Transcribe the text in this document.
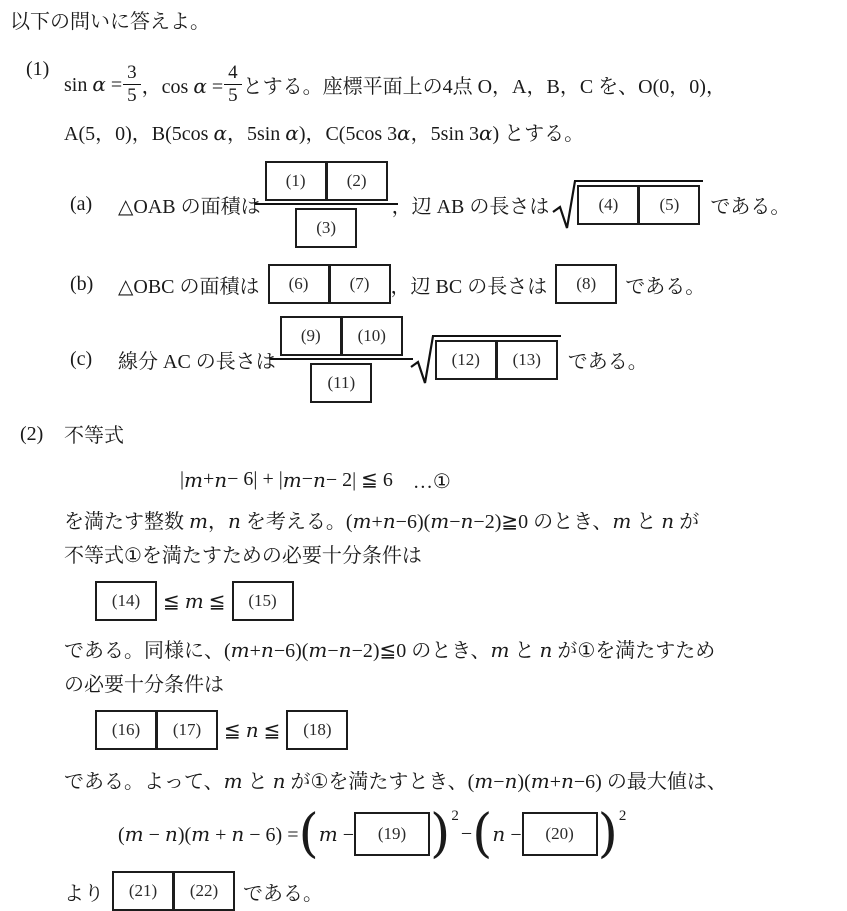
以下の問いに答えよ。
(1)
sin α =
3
5 ，cos α =
4
5 とする。座標平面上の4点 O，A，B，C を、O(0，0)，
A(5，0)，B(5cos α，5sin α)，C(5cos 3α，5sin 3α) とする。
(a)	△OAB の面積は (1)	(2)
(3) ，辺 AB の長さは	(4)	(5)	である。
(b)	△OBC の面積は	(6)	(7)	，辺 BC の長さは	(8)	である。
(c)	線分 AC の長さは (9)	(10)
(11)	(12)	(13)	である。
(2)	不等式
| m + n − 6| + | m − n − 2| ≦ 6 　…①
を満たす整数 m，n を考える。(m+n−6)(m−n−2)≧0 のとき、m と n が
不等式①を満たすための必要十分条件は
(14)	≦ m ≦	(15)
である。同様に、(m+n−6)(m−n−2)≦0 のとき、m と n が①を満たすため
の必要十分条件は
(16)	(17)	≦ n ≦	(18)
である。よって、m と n が①を満たすとき、(m−n)(m+n−6) の最大値は、
(m − n)(m + n − 6) = ( m −	(19) ) 2
− ( n −	(20) ) 2
より	(21)	(22)	である。
